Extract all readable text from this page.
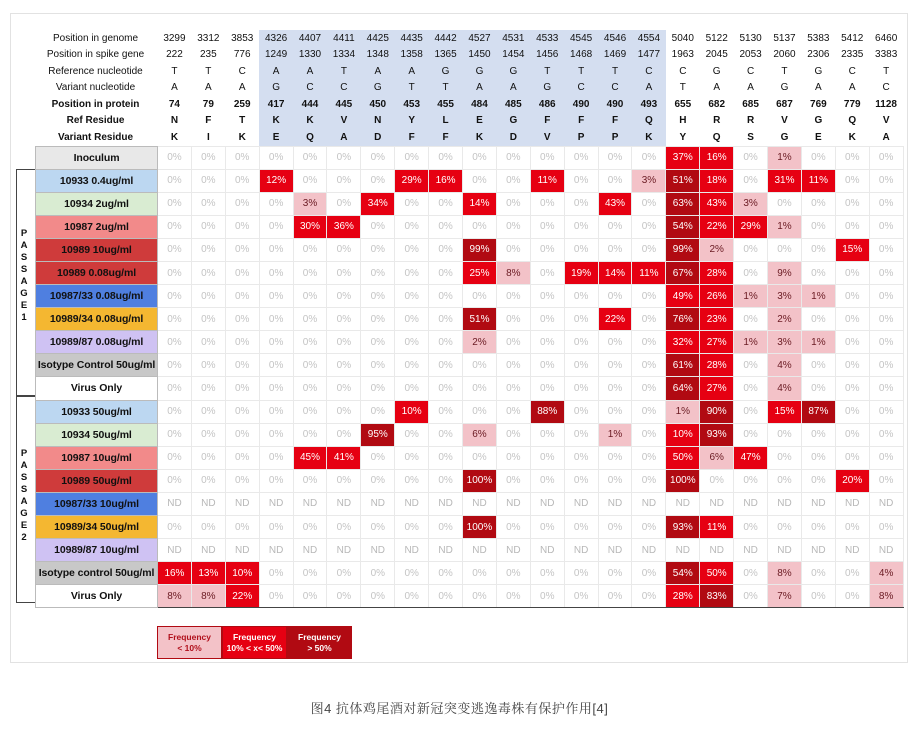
Position in genome	3299	3312	3853	4326	4407	4411	4425	4435	4442	4527	4531	4533	4545	4546	4554	5040	5122	5130	5137	5383	5412	6460
Position in spike gene	222	235	776	1249	1330	1334	1348	1358	1365	1450	1454	1456	1468	1469	1477	1963	2045	2053	2060	2306	2335	3383
Reference nucleotide	T	T	C	A	A	T	A	A	G	G	G	T	T	T	C	C	G	C	T	G	C	T
Variant nucleotide	A	A	A	G	C	C	G	T	T	A	A	G	C	C	A	T	A	A	G	A	A	C
Position in protein	74	79	259	417	444	445	450	453	455	484	485	486	490	490	493	655	682	685	687	769	779	1128
Ref Residue	N	F	T	K	K	V	N	Y	L	E	G	F	F	F	Q	H	R	R	V	G	Q	V
Variant Residue	K	I	K	E	Q	A	D	F	F	K	D	V	P	P	K	Y	Q	S	G	E	K	A
Inoculum	0%	0%	0%	0%	0%	0%	0%	0%	0%	0%	0%	0%	0%	0%	0%	37%	16%	0%	1%	0%	0%	0%
10933 0.4ug/ml	0%	0%	0%	12%	0%	0%	0%	29%	16%	0%	0%	11%	0%	0%	3%	51%	18%	0%	31%	11%	0%	0%
10934 2ug/ml	0%	0%	0%	0%	3%	0%	34%	0%	0%	14%	0%	0%	0%	43%	0%	63%	43%	3%	0%	0%	0%	0%
10987 2ug/ml	0%	0%	0%	0%	30%	36%	0%	0%	0%	0%	0%	0%	0%	0%	0%	54%	22%	29%	1%	0%	0%	0%
10989 10ug/ml	0%	0%	0%	0%	0%	0%	0%	0%	0%	99%	0%	0%	0%	0%	0%	99%	2%	0%	0%	0%	15%	0%
10989 0.08ug/ml	0%	0%	0%	0%	0%	0%	0%	0%	0%	25%	8%	0%	19%	14%	11%	67%	28%	0%	9%	0%	0%	0%
10987/33 0.08ug/ml	0%	0%	0%	0%	0%	0%	0%	0%	0%	0%	0%	0%	0%	0%	0%	49%	26%	1%	3%	1%	0%	0%
10989/34 0.08ug/ml	0%	0%	0%	0%	0%	0%	0%	0%	0%	51%	0%	0%	0%	22%	0%	76%	23%	0%	2%	0%	0%	0%
10989/87 0.08ug/ml	0%	0%	0%	0%	0%	0%	0%	0%	0%	2%	0%	0%	0%	0%	0%	32%	27%	1%	3%	1%	0%	0%
Isotype Control 50ug/ml	0%	0%	0%	0%	0%	0%	0%	0%	0%	0%	0%	0%	0%	0%	0%	61%	28%	0%	4%	0%	0%	0%
Virus Only	0%	0%	0%	0%	0%	0%	0%	0%	0%	0%	0%	0%	0%	0%	0%	64%	27%	0%	4%	0%	0%	0%
10933 50ug/ml	0%	0%	0%	0%	0%	0%	0%	10%	0%	0%	0%	88%	0%	0%	0%	1%	90%	0%	15%	87%	0%	0%
10934 50ug/ml	0%	0%	0%	0%	0%	0%	95%	0%	0%	6%	0%	0%	0%	1%	0%	10%	93%	0%	0%	0%	0%	0%
10987 10ug/ml	0%	0%	0%	0%	45%	41%	0%	0%	0%	0%	0%	0%	0%	0%	0%	50%	6%	47%	0%	0%	0%	0%
10989 50ug/ml	0%	0%	0%	0%	0%	0%	0%	0%	0%	100%	0%	0%	0%	0%	0%	100%	0%	0%	0%	0%	20%	0%
10987/33 10ug/ml	ND	ND	ND	ND	ND	ND	ND	ND	ND	ND	ND	ND	ND	ND	ND	ND	ND	ND	ND	ND	ND	ND
10989/34 50ug/ml	0%	0%	0%	0%	0%	0%	0%	0%	0%	100%	0%	0%	0%	0%	0%	93%	11%	0%	0%	0%	0%	0%
10989/87 10ug/ml	ND	ND	ND	ND	ND	ND	ND	ND	ND	ND	ND	ND	ND	ND	ND	ND	ND	ND	ND	ND	ND	ND
Isotype control 50ug/ml	16%	13%	10%	0%	0%	0%	0%	0%	0%	0%	0%	0%	0%	0%	0%	54%	50%	0%	8%	0%	0%	4%
Virus Only	8%	8%	22%	0%	0%	0%	0%	0%	0%	0%	0%	0%	0%	0%	0%	28%	83%	0%	7%	0%	0%	8%
P
A
S
S
A
G
E
1
P
A
S
S
A
G
E
2
Frequency
< 10%
Frequency
10% < x< 50%
Frequency
> 50%
图4 抗体鸡尾酒对新冠突变逃逸毒株有保护作用[4]
